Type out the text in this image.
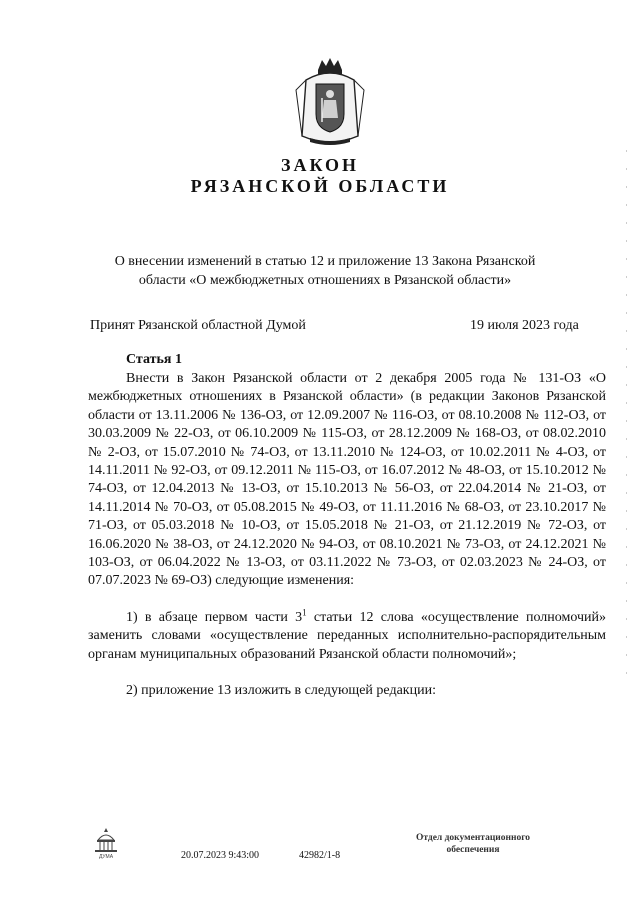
ЗАКОН
РЯЗАНСКОЙ ОБЛАСТИ
О внесении изменений в статью 12 и приложение 13 Закона Рязанской области «О межбюджетных отношениях в Рязанской области»
Принят Рязанской областной Думой	19 июля 2023 года
Статья 1
Внести в Закон Рязанской области от 2 декабря 2005 года № 131-ОЗ «О межбюджетных отношениях в Рязанской области» (в редакции Законов Рязанской области от 13.11.2006 № 136-ОЗ, от 12.09.2007 № 116-ОЗ, от 08.10.2008 № 112-ОЗ, от 30.03.2009 № 22-ОЗ, от 06.10.2009 № 115-ОЗ, от 28.12.2009 № 168-ОЗ, от 08.02.2010 № 2-ОЗ, от 15.07.2010 № 74-ОЗ, от 13.11.2010 № 124-ОЗ, от 10.02.2011 № 4-ОЗ, от 14.11.2011 № 92-ОЗ, от 09.12.2011 № 115-ОЗ, от 16.07.2012 № 48-ОЗ, от 15.10.2012 № 74-ОЗ, от 12.04.2013 № 13-ОЗ, от 15.10.2013 № 56-ОЗ, от 22.04.2014 № 21-ОЗ, от 14.11.2014 № 70-ОЗ, от 05.08.2015 № 49-ОЗ, от 11.11.2016 № 68-ОЗ, от 23.10.2017 № 71-ОЗ, от 05.03.2018 № 10-ОЗ, от 15.05.2018 № 21-ОЗ, от 21.12.2019 № 72-ОЗ, от 16.06.2020 № 38-ОЗ, от 24.12.2020 № 94-ОЗ, от 08.10.2021 № 73-ОЗ, от 24.12.2021 № 103-ОЗ, от 06.04.2022 № 13-ОЗ, от 03.11.2022 № 73-ОЗ, от 02.03.2023 № 24-ОЗ, от 07.07.2023 № 69-ОЗ) следующие изменения:
1) в абзаце первом части $3^1$ статьи 12 слова «осуществление полномочий» заменить словами «осуществление переданных исполнительно-распорядительным органам муниципальных образований Рязанской области полномочий»;
2) приложение 13 изложить в следующей редакции:
ДУМА	20.07.2023 9:43:00	42982/1-8
Отдел документационного
обеспечения
